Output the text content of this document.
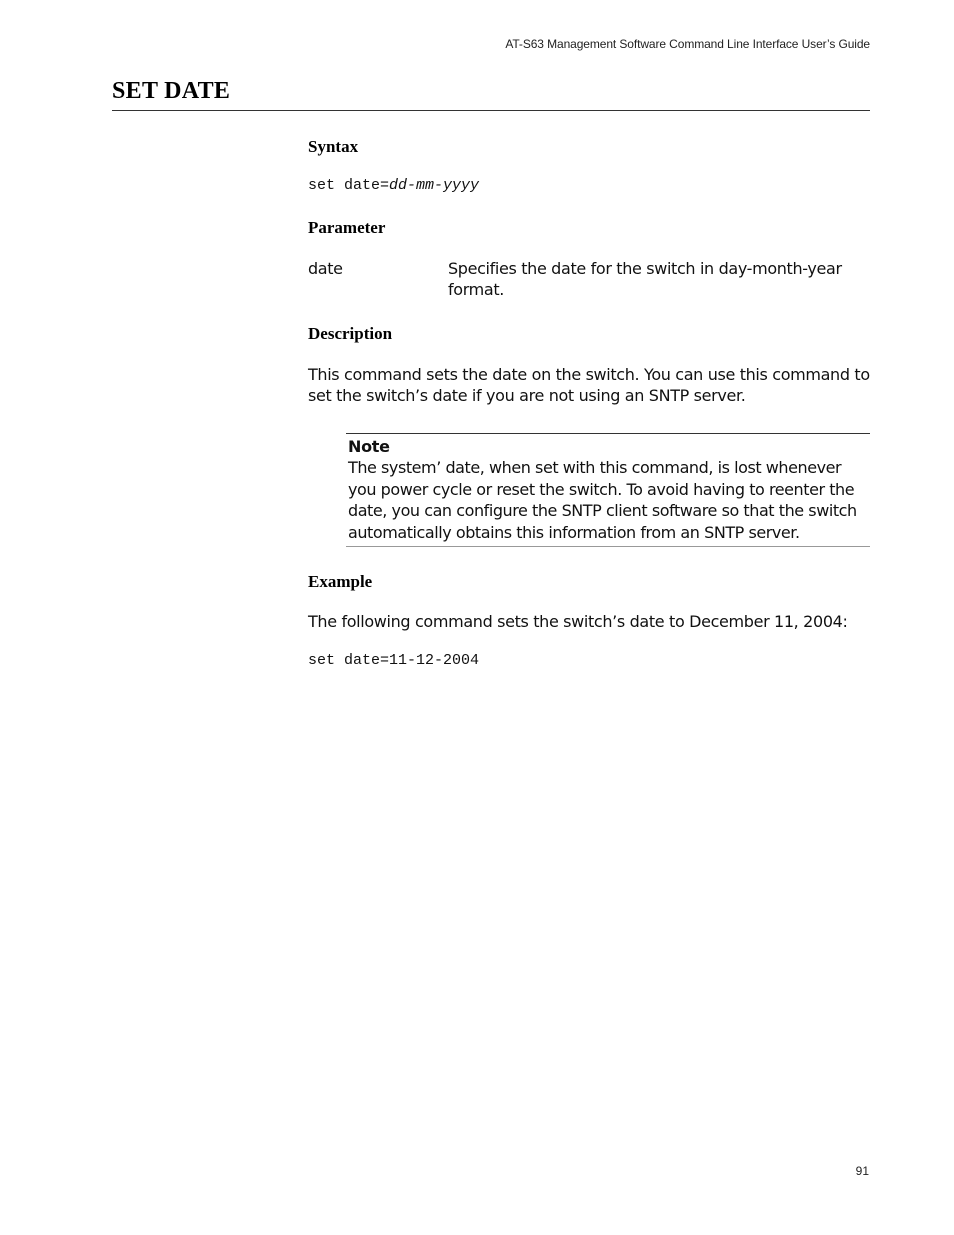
AT-S63 Management Software Command Line Interface User’s Guide
SET DATE
Syntax
set date=dd-mm-yyyy
Parameter
date	Specifies the date for the switch in day-month-year format.
Description

This command sets the date on the switch. You can use this command to set the switch’s date if you are not using an SNTP server.

Note

The system’ date, when set with this command, is lost whenever you power cycle or reset the switch. To avoid having to reenter the date, you can configure the SNTP client software so that the switch automatically obtains this information from an SNTP server.

Example

The following command sets the switch’s date to December 11, 2004:

set date=11-12-2004
91
